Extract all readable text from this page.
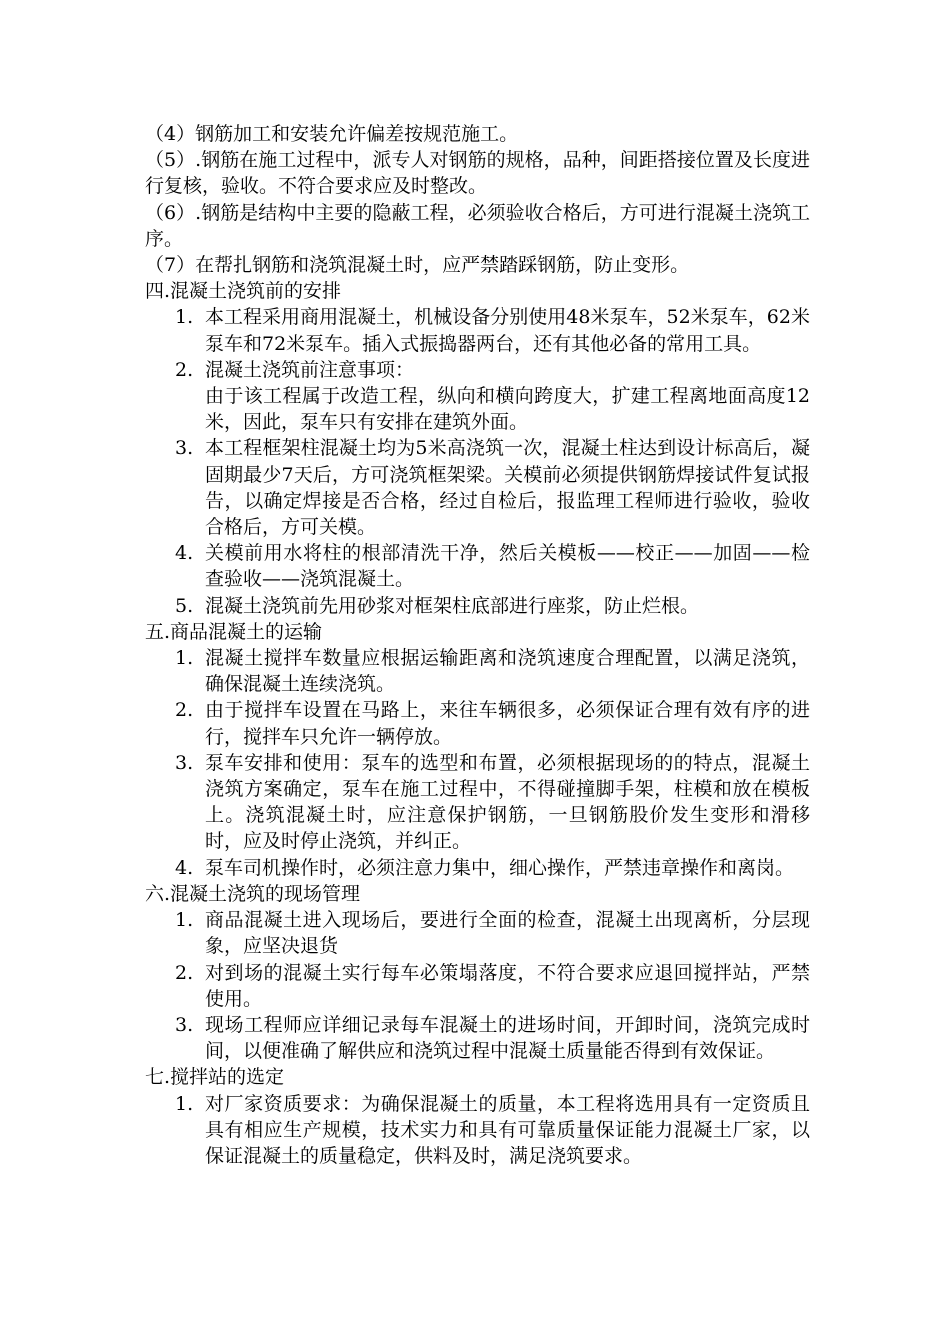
（4）钢筋加工和安装允许偏差按规范施工。

（5）.钢筋在施工过程中，派专人对钢筋的规格，品种，间距搭接位置及长度进行复核，验收。不符合要求应及时整改。

（6）.钢筋是结构中主要的隐蔽工程，必须验收合格后，方可进行混凝土浇筑工序。

（7）在帮扎钢筋和浇筑混凝土时，应严禁踏踩钢筋，防止变形。

四.混凝土浇筑前的安排

1. 本工程采用商用混凝土，机械设备分别使用48米泵车，52米泵车，62米泵车和72米泵车。插入式振捣器两台，还有其他必备的常用工具。
2. 混凝土浇筑前注意事项：
由于该工程属于改造工程，纵向和横向跨度大，扩建工程离地面高度12米，因此，泵车只有安排在建筑外面。
3. 本工程框架柱混凝土均为5米高浇筑一次，混凝土柱达到设计标高后，凝固期最少7天后，方可浇筑框架梁。关模前必须提供钢筋焊接试件复试报告，以确定焊接是否合格，经过自检后，报监理工程师进行验收，验收合格后，方可关模。
4. 关模前用水将柱的根部清洗干净，然后关模板——校正——加固——检查验收——浇筑混凝土。
5. 混凝土浇筑前先用砂浆对框架柱底部进行座浆，防止烂根。

五.商品混凝土的运输

1. 混凝土搅拌车数量应根据运输距离和浇筑速度合理配置，以满足浇筑，确保混凝土连续浇筑。
2. 由于搅拌车设置在马路上，来往车辆很多，必须保证合理有效有序的进行，搅拌车只允许一辆停放。
3. 泵车安排和使用：泵车的选型和布置，必须根据现场的的特点，混凝土浇筑方案确定，泵车在施工过程中，不得碰撞脚手架，柱模和放在模板上。浇筑混凝土时，应注意保护钢筋，一旦钢筋股价发生变形和滑移时，应及时停止浇筑，并纠正。
4. 泵车司机操作时，必须注意力集中，细心操作，严禁违章操作和离岗。

六.混凝土浇筑的现场管理

1. 商品混凝土进入现场后，要进行全面的检查，混凝土出现离析，分层现象，应坚决退货
2. 对到场的混凝土实行每车必策塌落度，不符合要求应退回搅拌站，严禁使用。
3. 现场工程师应详细记录每车混凝土的进场时间，开卸时间，浇筑完成时间，以便准确了解供应和浇筑过程中混凝土质量能否得到有效保证。

七.搅拌站的选定

1. 对厂家资质要求：为确保混凝土的质量，本工程将选用具有一定资质且具有相应生产规模，技术实力和具有可靠质量保证能力混凝土厂家，以保证混凝土的质量稳定，供料及时，满足浇筑要求。
